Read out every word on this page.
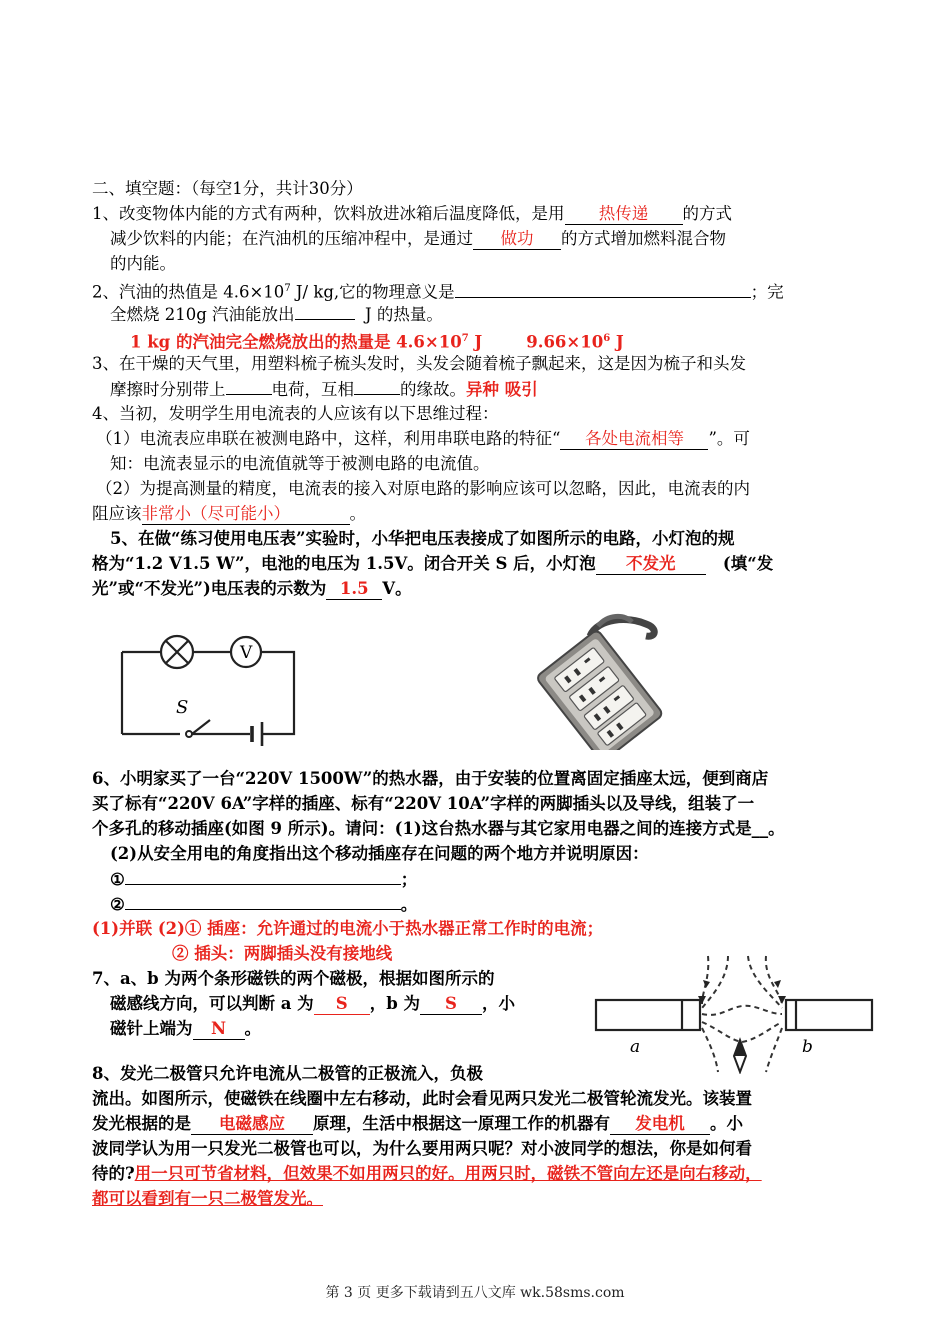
二、填空题：（每空1分，共计30分）
1、改变物体内能的方式有两种，饮料放进冰箱后温度降低，是用 热传递 的方式
减少饮料的内能；在汽油机的压缩冲程中，是通过 做功 的方式增加燃料混合物
的内能。
2、汽油的热值是 $4.6\times 10^7$ J/ kg,它的物理意义是	；完
全燃烧 210g 汽油能放出	J 的热量。
1 kg 的汽油完全燃烧放出的热量是 $4.6\times 10^7$ J	$9.66\times 10^6$ J
3、在干燥的天气里，用塑料梳子梳头发时，头发会随着梳子飘起来，这是因为梳子和头发
摩擦时分别带上	电荷，互相	的缘故。异种 吸引
4、当初，发明学生用电流表的人应该有以下思维过程：
（1）电流表应串联在被测电路中，这样，利用串联电路的特征“ 各处电流相等 ”。可
知：电流表显示的电流值就等于被测电路的电流值。
（2）为提高测量的精度，电流表的接入对原电路的影响应该可以忽略，因此，电流表的内
阻应该非常小（尽可能小）	。
5、在做“练习使用电压表”实验时，小华把电压表接成了如图所示的电路，小灯泡的规
格为“1.2 V1.5 W”，电池的电压为 1.5V。闭合开关 S 后，小灯泡 不发光	(填“发
光”或“不发光”)电压表的示数为 1.5 V。
V
S
6、小明家买了一台“220V 1500W”的热水器，由于安装的位置离固定插座太远，便到商店
买了标有“220V 6A”字样的插座、标有“220V 10A”字样的两脚插头以及导线，组装了一
个多孔的移动插座(如图 9 所示)。请问：(1)这台热水器与其它家用电器之间的连接方式是__。
(2)从安全用电的角度指出这个移动插座存在问题的两个地方并说明原因：
①	；
②	。
(1)并联 (2)① 插座：允许通过的电流小于热水器正常工作时的电流；
② 插头：两脚插头没有接地线
7、a、b 为两个条形磁铁的两个磁极，根据如图所示的
磁感线方向，可以判断 a 为 S ，b 为 S ，小
磁针上端为 N 。
a	b
8、发光二极管只允许电流从二极管的正极流入，负极
流出。如图所示，使磁铁在线圈中左右移动，此时会看见两只发光二极管轮流发光。该装置
发光根据的是 电磁感应 原理，生活中根据这一原理工作的机器有 发电机 。小
波同学认为用一只发光二极管也可以，为什么要用两只呢？对小波同学的想法，你是如何看
待的?用一只可节省材料，但效果不如用两只的好。用两只时，磁铁不管向左还是向右移动，
都可以看到有一只二极管发光。
第 3 页 更多下载请到五八文库 wk.58sms.com
